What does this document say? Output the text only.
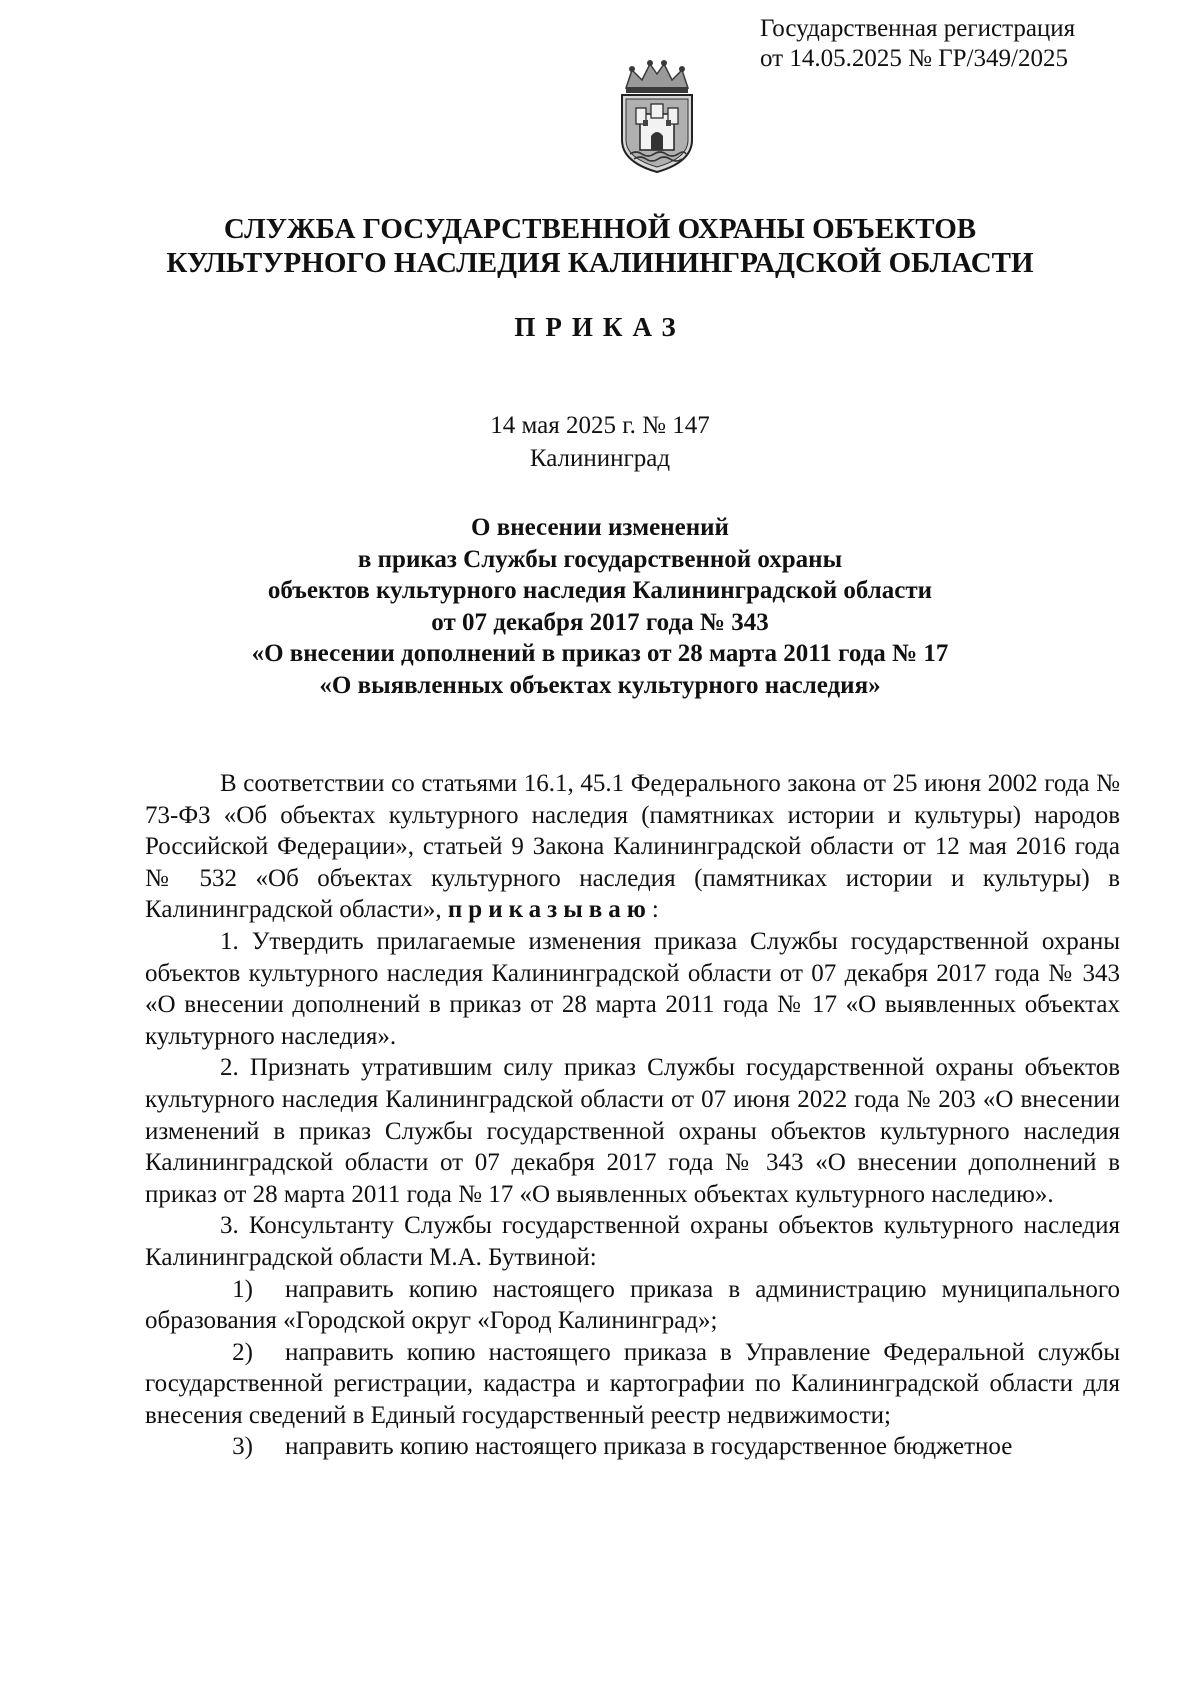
Государственная регистрация
от 14.05.2025 № ГР/349/2025
СЛУЖБА ГОСУДАРСТВЕННОЙ ОХРАНЫ ОБЪЕКТОВ
КУЛЬТУРНОГО НАСЛЕДИЯ КАЛИНИНГРАДСКОЙ ОБЛАСТИ
ПРИКАЗ
14 мая 2025 г. № 147
Калининград
О внесении изменений
в приказ Службы государственной охраны
объектов культурного наследия Калининградской области
от 07 декабря 2017 года № 343
«О внесении дополнений в приказ от 28 марта 2011 года № 17
«О выявленных объектах культурного наследия»

В соответствии со статьями 16.1, 45.1 Федерального закона от 25 июня 2002 года № 73-ФЗ «Об объектах культурного наследия (памятниках истории и культуры) народов Российской Федерации», статьей 9 Закона Калининградской области от 12 мая 2016 года № 532 «Об объектах культурного наследия (памятниках истории и культуры) в Калининградской области», приказываю:

1. Утвердить прилагаемые изменения приказа Службы государственной охраны объектов культурного наследия Калининградской области от 07 декабря 2017 года № 343 «О внесении дополнений в приказ от 28 марта 2011 года № 17 «О выявленных объектах культурного наследия».

2. Признать утратившим силу приказ Службы государственной охраны объектов культурного наследия Калининградской области от 07 июня 2022 года № 203 «О внесении изменений в приказ Службы государственной охраны объектов культурного наследия Калининградской области от 07 декабря 2017 года № 343 «О внесении дополнений в приказ от 28 марта 2011 года № 17 «О выявленных объектах культурного наследию».

3. Консультанту Службы государственной охраны объектов культурного наследия Калининградской области М.А. Бутвиной:

1) направить копию настоящего приказа в администрацию муниципального образования «Городской округ «Город Калининград»;

2) направить копию настоящего приказа в Управление Федеральной службы государственной регистрации, кадастра и картографии по Калининградской области для внесения сведений в Единый государственный реестр недвижимости;

3) направить копию настоящего приказа в государственное бюджетное
